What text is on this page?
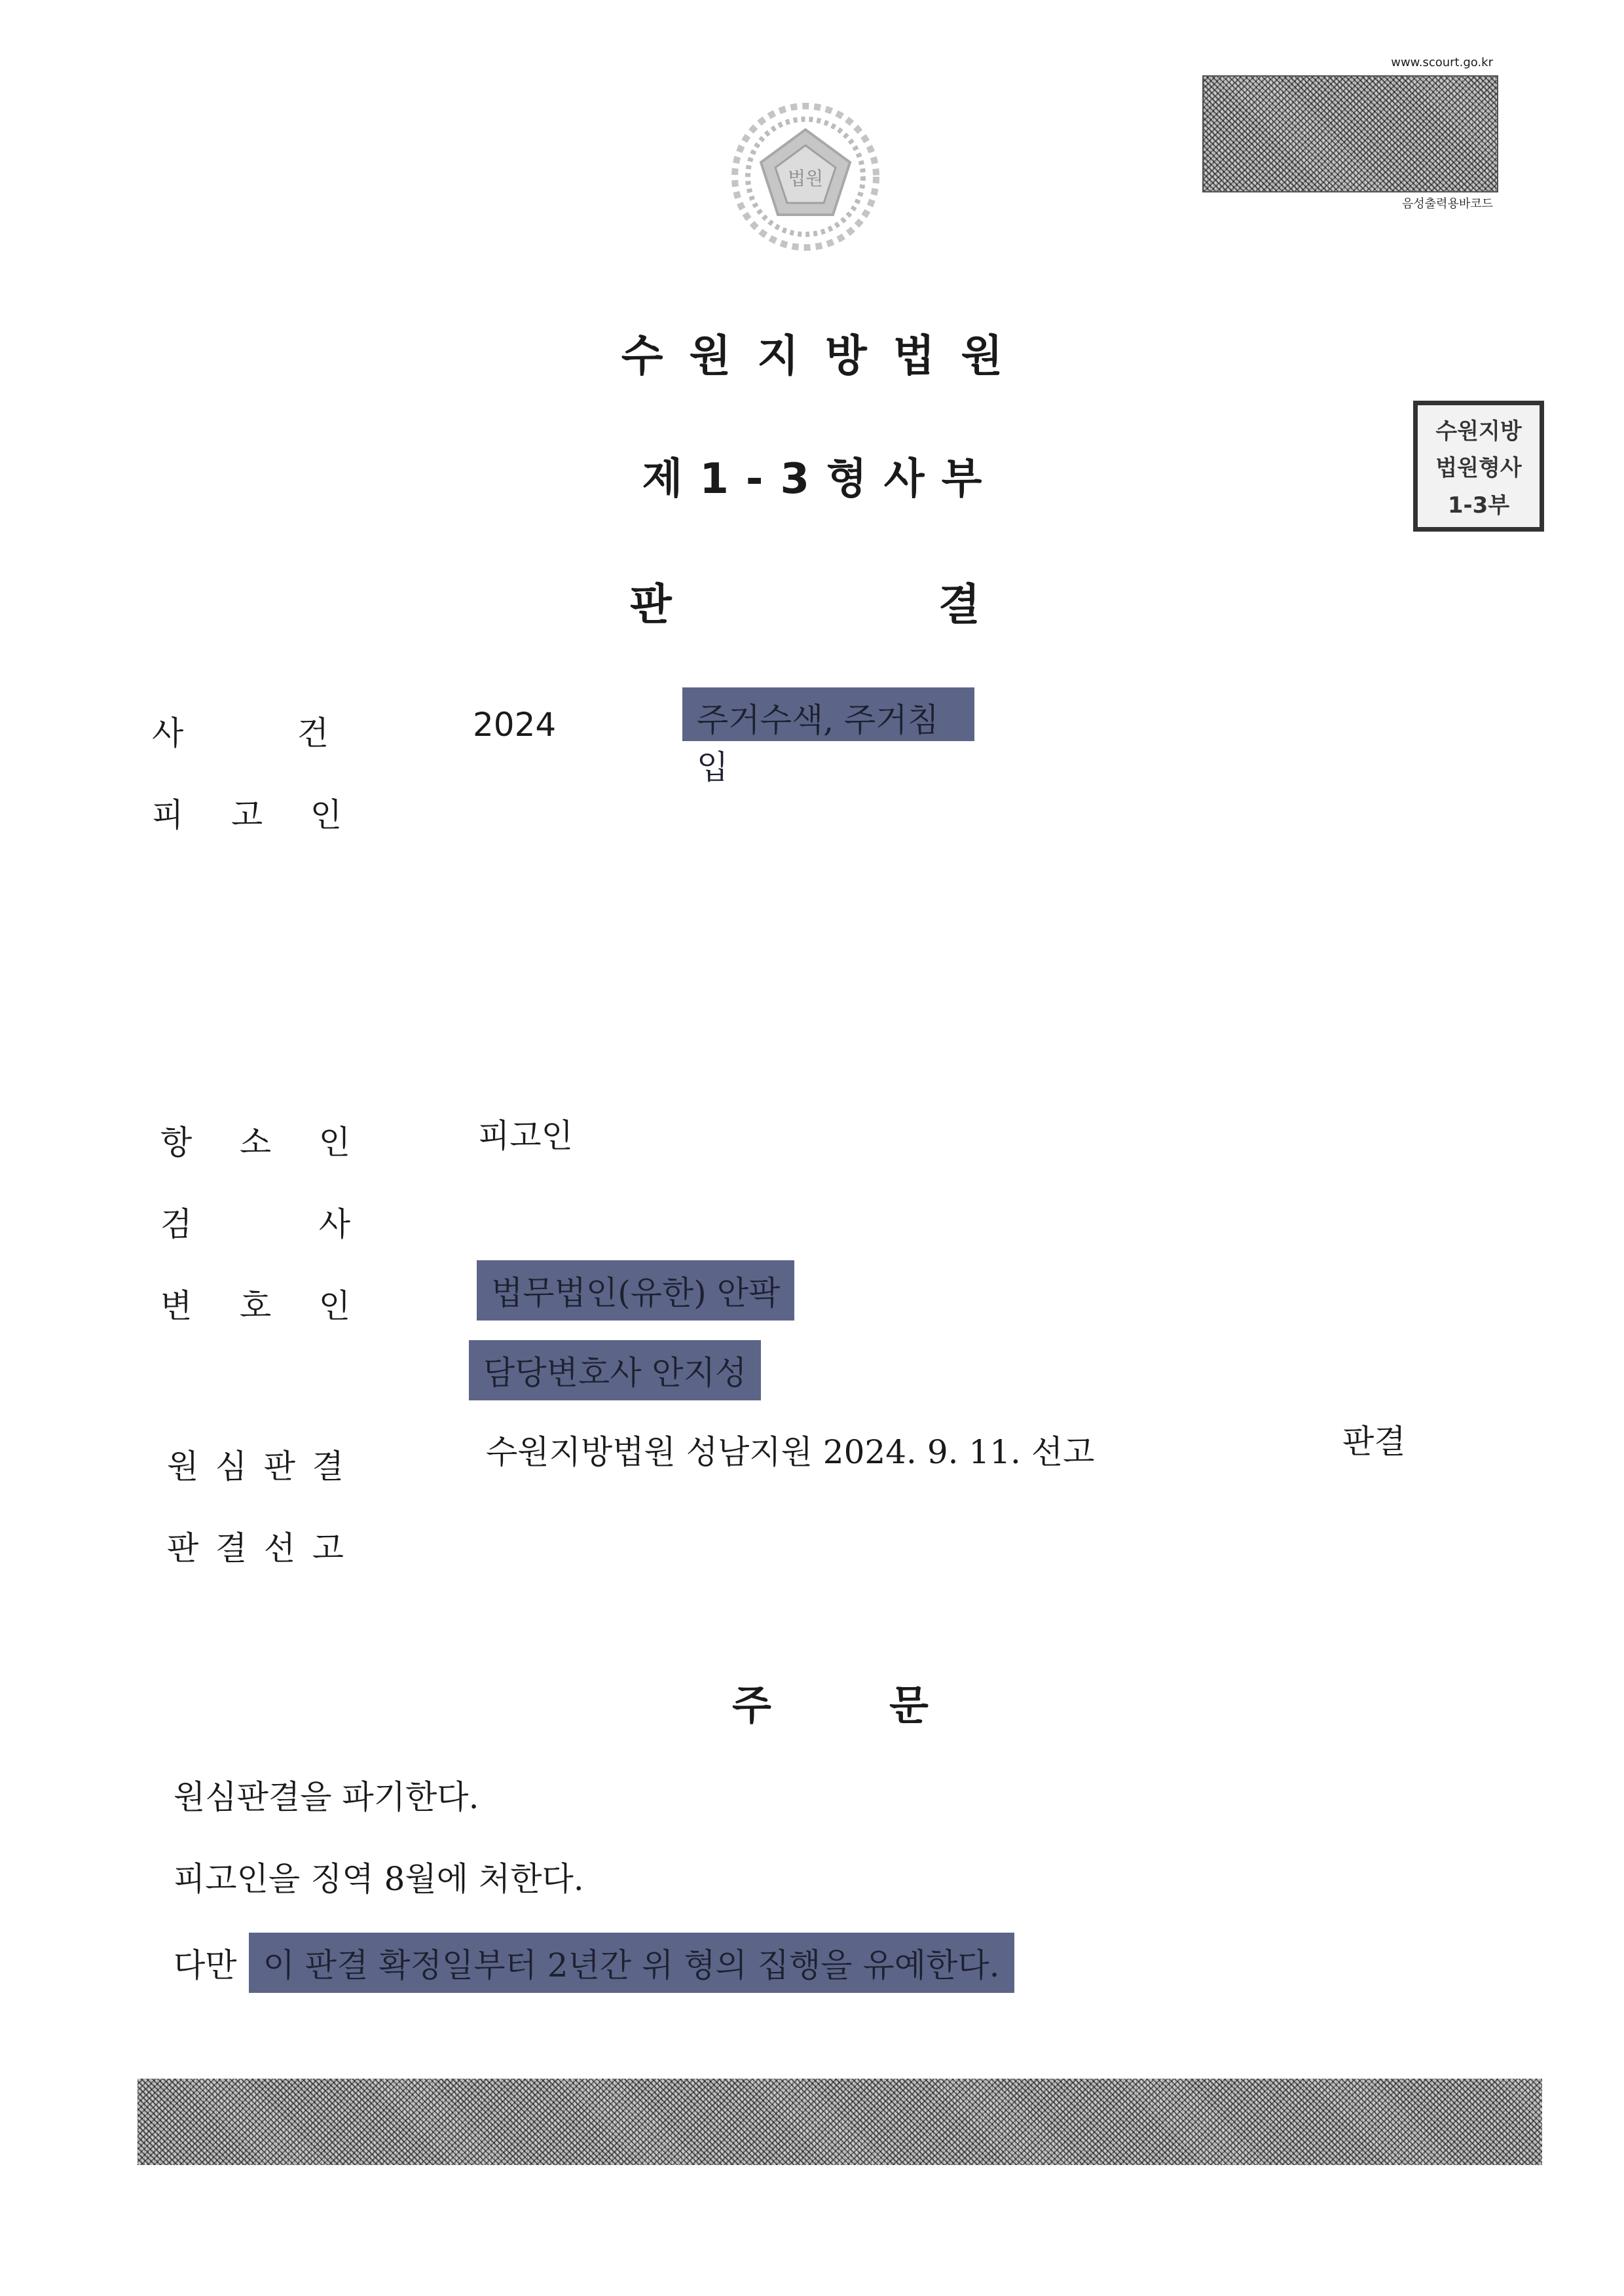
법원
www.scourt.go.kr
음성출력용바코드
수원지방
법원형사
1-3부
수원지방법원
제1-3형사부
판	결
사	건	2024	주거수색, 주거침입
피 고 인
항 소 인	피고인
검	사
변 호 인	법무법인(유한) 안팍
담당변호사 안지성
원 심 판 결	수원지방법원 성남지원 2024. 9. 11. 선고	판결
판 결 선 고
주	문
원심판결을 파기한다.
피고인을 징역 8월에 처한다.
다만 이 판결 확정일부터 2년간 위 형의 집행을 유예한다.
